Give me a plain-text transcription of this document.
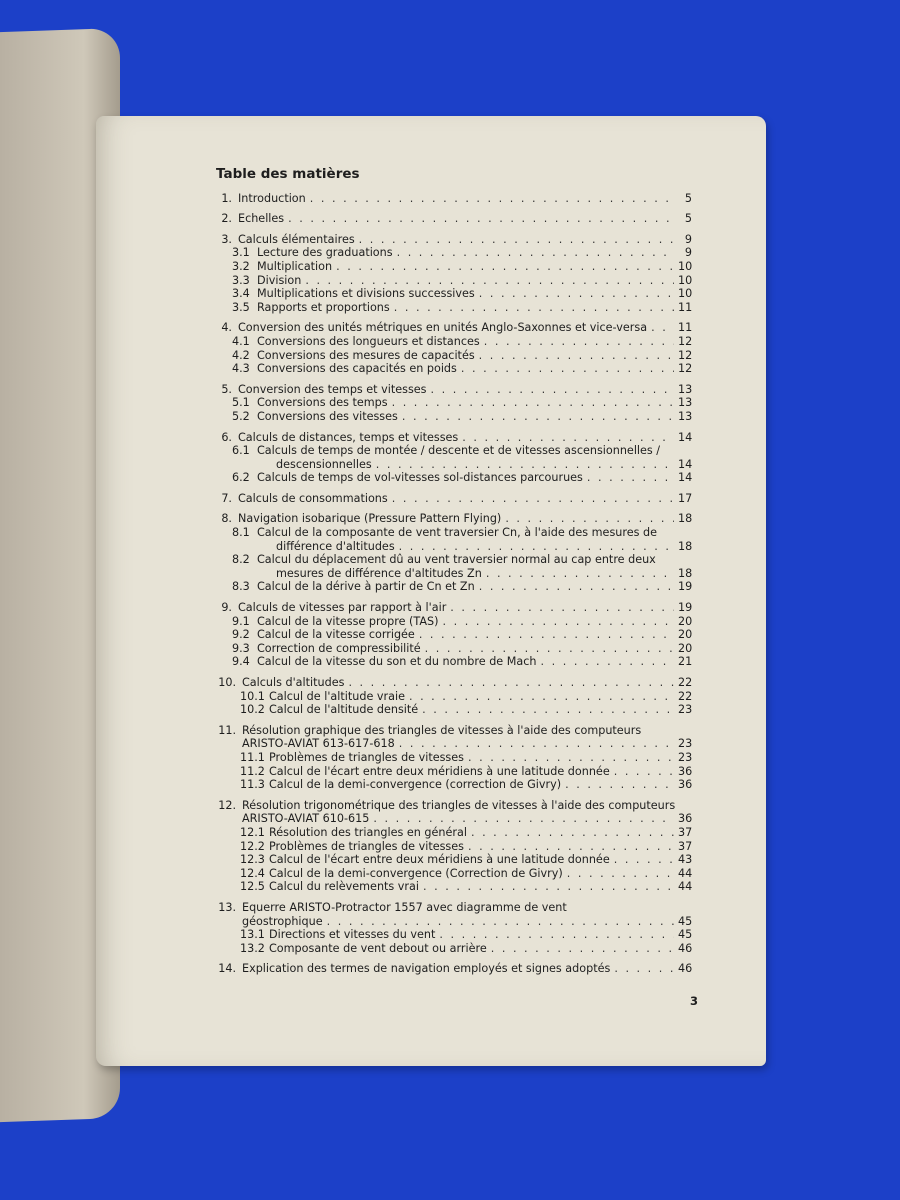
Table des matières
1. Introduction . . .	5
2. Echelles . . .	5
3. Calculs élémentaires . . .	9
3.1 Lecture des graduations . . .	9
3.2 Multiplication . . .	10
3.3 Division . . .	10
3.4 Multiplications et divisions successives . . .	10
3.5 Rapports et proportions . . .	11
4. Conversion des unités métriques en unités Anglo-Saxonnes et vice-versa . . .	11
4.1 Conversions des longueurs et distances . . .	12
4.2 Conversions des mesures de capacités . . .	12
4.3 Conversions des capacités en poids . . .	12
5. Conversion des temps et vitesses . . .	13
5.1 Conversions des temps . . .	13
5.2 Conversions des vitesses . . .	13
6. Calculs de distances, temps et vitesses . . .	14
6.1 Calculs de temps de montée / descente et de vitesses ascensionnelles /
descensionnelles . . .	14
6.2 Calculs de temps de vol-vitesses sol-distances parcourues . . .	14
7. Calculs de consommations . . .	17
8. Navigation isobarique (Pressure Pattern Flying) . . .	18
8.1 Calcul de la composante de vent traversier Cn, à l'aide des mesures de
différence d'altitudes . . .	18
8.2 Calcul du déplacement dû au vent traversier normal au cap entre deux
mesures de différence d'altitudes Zn . . .	18
8.3 Calcul de la dérive à partir de Cn et Zn . . .	19
9. Calculs de vitesses par rapport à l'air . . .	19
9.1 Calcul de la vitesse propre (TAS) . . .	20
9.2 Calcul de la vitesse corrigée . . .	20
9.3 Correction de compressibilité . . .	20
9.4 Calcul de la vitesse du son et du nombre de Mach . . .	21
10. Calculs d'altitudes . . .	22
10.1 Calcul de l'altitude vraie . . .	22
10.2 Calcul de l'altitude densité . . .	23
11. Résolution graphique des triangles de vitesses à l'aide des computeurs
ARISTO-AVIAT 613-617-618 . . .	23
11.1 Problèmes de triangles de vitesses . . .	23
11.2 Calcul de l'écart entre deux méridiens à une latitude donnée . . .	36
11.3 Calcul de la demi-convergence (correction de Givry) . . .	36
12. Résolution trigonométrique des triangles de vitesses à l'aide des computeurs
ARISTO-AVIAT 610-615 . . .	36
12.1 Résolution des triangles en général . . .	37
12.2 Problèmes de triangles de vitesses . . .	37
12.3 Calcul de l'écart entre deux méridiens à une latitude donnée . . .	43
12.4 Calcul de la demi-convergence (Correction de Givry) . . .	44
12.5 Calcul du relèvements vrai . . .	44
13. Equerre ARISTO-Protractor 1557 avec diagramme de vent
géostrophique . . .	45
13.1 Directions et vitesses du vent . . .	45
13.2 Composante de vent debout ou arrière . . .	46
14. Explication des termes de navigation employés et signes adoptés . . .	46
3
